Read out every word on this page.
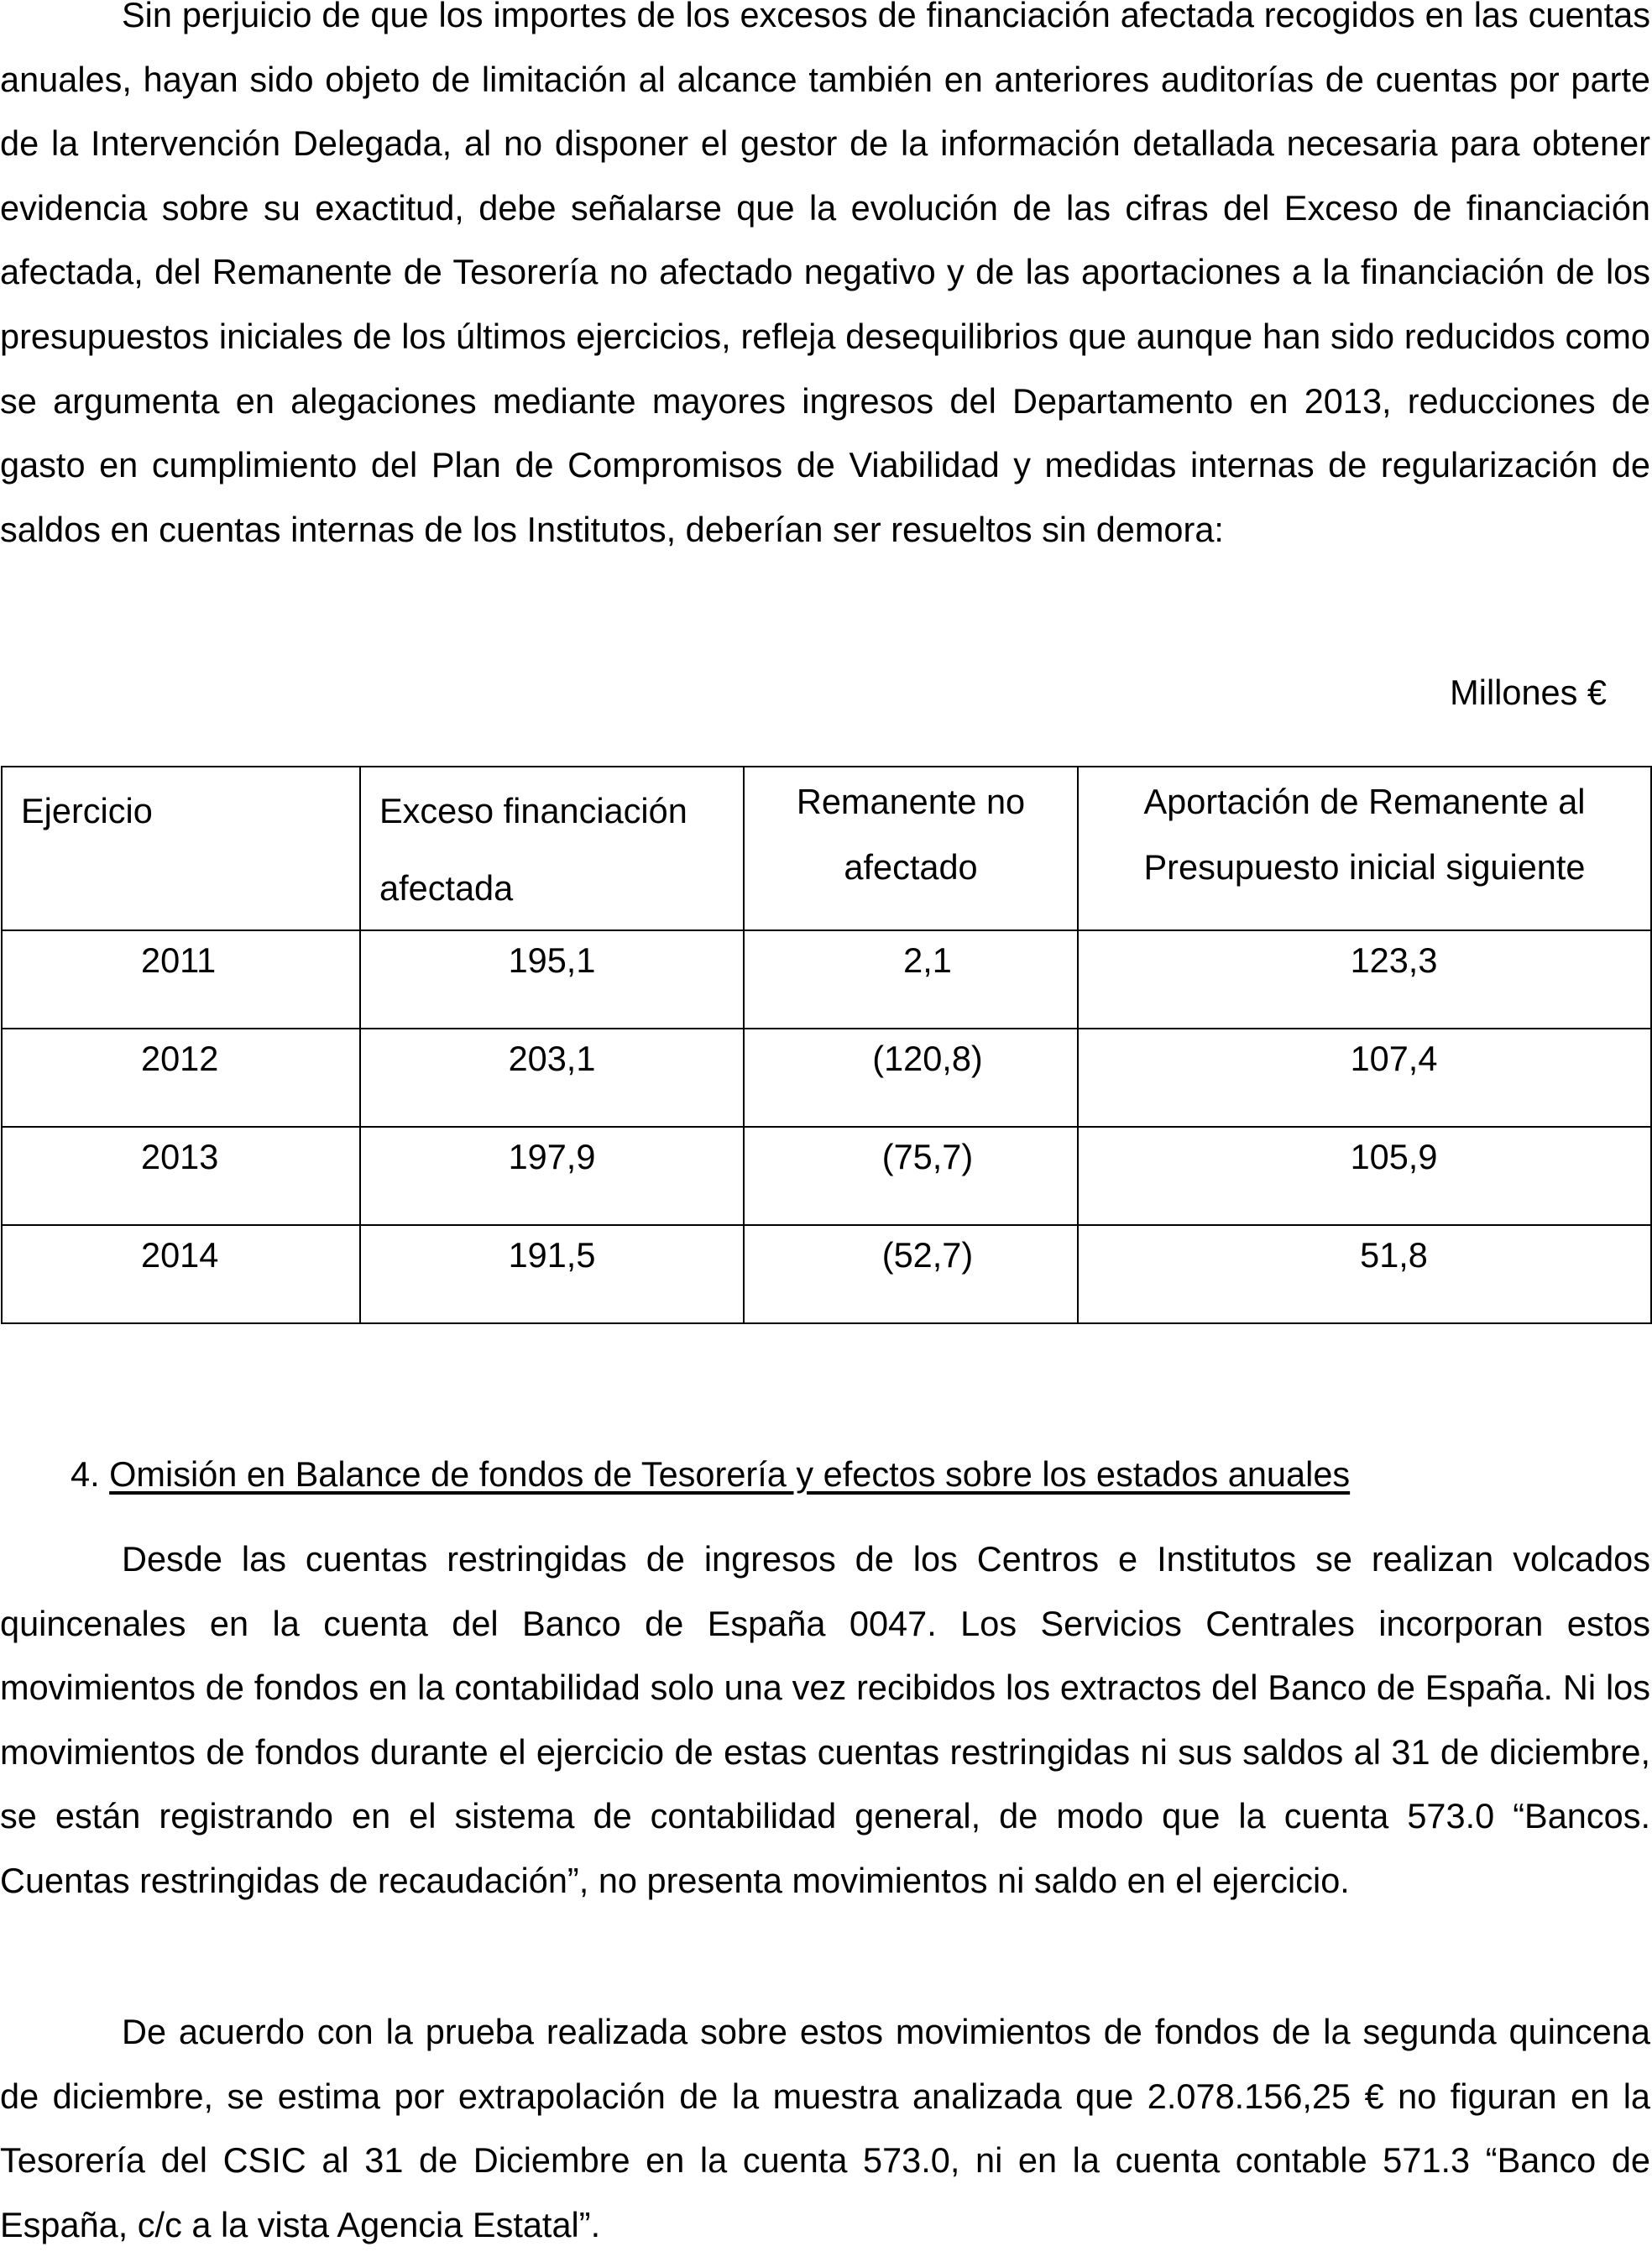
Sin perjuicio de que los importes de los excesos de financiación afectada recogidos en las cuentas anuales, hayan sido objeto de limitación al alcance también en anteriores auditorías de cuentas por parte de la Intervención Delegada, al no disponer el gestor de la información detallada necesaria para obtener evidencia sobre su exactitud, debe señalarse que la evolución de las cifras del Exceso de financiación afectada, del Remanente de Tesorería no afectado negativo y de las aportaciones a la financiación de los presupuestos iniciales de los últimos ejercicios, refleja desequilibrios que aunque han sido reducidos como se argumenta en alegaciones mediante mayores ingresos del Departamento en 2013, reducciones de gasto en cumplimiento del Plan de Compromisos de Viabilidad y medidas internas de regularización de saldos en cuentas internas de los Institutos, deberían ser resueltos sin demora:

Millones €

Ejercicio	Exceso financiación afectada	Remanente no afectado	Aportación de Remanente al Presupuesto inicial siguiente
2011	195,1	2,1	123,3
2012	203,1	(120,8)	107,4
2013	197,9	(75,7)	105,9
2014	191,5	(52,7)	51,8

4. Omisión en Balance de fondos de Tesorería y efectos sobre los estados anuales

Desde las cuentas restringidas de ingresos de los Centros e Institutos se realizan volcados quincenales en la cuenta del Banco de España 0047. Los Servicios Centrales incorporan estos movimientos de fondos en la contabilidad solo una vez recibidos los extractos del Banco de España. Ni los movimientos de fondos durante el ejercicio de estas cuentas restringidas ni sus saldos al 31 de diciembre, se están registrando en el sistema de contabilidad general, de modo que la cuenta 573.0 “Bancos. Cuentas restringidas de recaudación”, no presenta movimientos ni saldo en el ejercicio.

De acuerdo con la prueba realizada sobre estos movimientos de fondos de la segunda quincena de diciembre, se estima por extrapolación de la muestra analizada que 2.078.156,25 € no figuran en la Tesorería del CSIC al 31 de Diciembre en la cuenta 573.0, ni en la cuenta contable 571.3 “Banco de España, c/c a la vista Agencia Estatal”.
